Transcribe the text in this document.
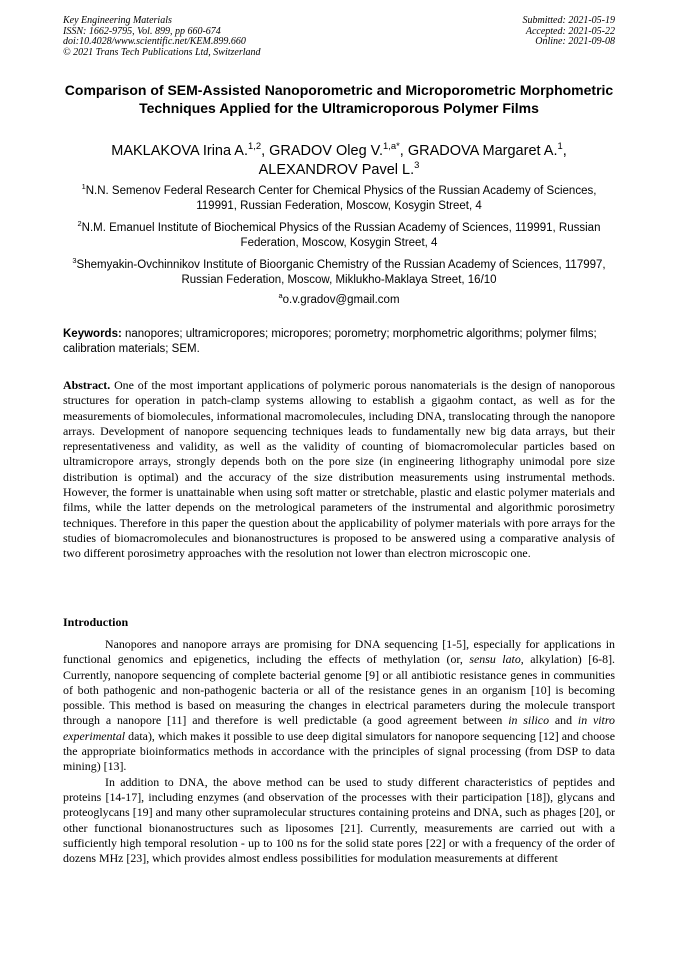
Key Engineering Materials
ISSN: 1662-9795, Vol. 899, pp 660-674
doi:10.4028/www.scientific.net/KEM.899.660
© 2021 Trans Tech Publications Ltd, Switzerland
Submitted: 2021-05-19
Accepted: 2021-05-22
Online: 2021-09-08
Comparison of SEM-Assisted Nanoporometric and Microporometric Morphometric Techniques Applied for the Ultramicroporous Polymer Films
MAKLAKOVA Irina A.$^{1,2}$, GRADOV Oleg V.$^{1,a*}$, GRADOVA Margaret A.$^1$, ALEXANDROV Pavel L.$^3$
$^1$N.N. Semenov Federal Research Center for Chemical Physics of the Russian Academy of Sciences, 119991, Russian Federation, Moscow, Kosygin Street, 4
$^2$N.M. Emanuel Institute of Biochemical Physics of the Russian Academy of Sciences, 119991, Russian Federation, Moscow, Kosygin Street, 4
$^3$Shemyakin-Ovchinnikov Institute of Bioorganic Chemistry of the Russian Academy of Sciences, 117997, Russian Federation, Moscow, Miklukho-Maklaya Street, 16/10
$^a$o.v.gradov@gmail.com
Keywords: nanopores; ultramicropores; micropores; porometry; morphometric algorithms; polymer films; calibration materials; SEM.
Abstract. One of the most important applications of polymeric porous nanomaterials is the design of nanoporous structures for operation in patch-clamp systems allowing to establish a gigaohm contact, as well as for the measurements of biomolecules, informational macromolecules, including DNA, translocating through the nanopore arrays. Development of nanopore sequencing techniques leads to fundamentally new big data arrays, but their representativeness and validity, as well as the validity of counting of biomacromolecular particles based on ultramicropore arrays, strongly depends both on the pore size (in engineering lithography unimodal pore size distribution is optimal) and the accuracy of the size distribution measurements using instrumental methods. However, the former is unattainable when using soft matter or stretchable, plastic and elastic polymer materials and films, while the latter depends on the metrological parameters of the instrumental and algorithmic porosimetry techniques. Therefore in this paper the question about the applicability of polymer materials with pore arrays for the studies of biomacromolecules and bionanostructures is proposed to be answered using a comparative analysis of two different porosimetry approaches with the resolution not lower than electron microscopic one.
Introduction

Nanopores and nanopore arrays are promising for DNA sequencing [1-5], especially for applications in functional genomics and epigenetics, including the effects of methylation (or, sensu lato, alkylation) [6-8]. Currently, nanopore sequencing of complete bacterial genome [9] or all antibiotic resistance genes in communities of both pathogenic and non-pathogenic bacteria or all of the resistance genes in an organism [10] is becoming possible. This method is based on measuring the changes in electrical parameters during the molecule transport through a nanopore [11] and therefore is well predictable (a good agreement between in silico and in vitro experimental data), which makes it possible to use deep digital simulators for nanopore sequencing [12] and choose the appropriate bioinformatics methods in accordance with the principles of signal processing (from DSP to data mining) [13].

In addition to DNA, the above method can be used to study different characteristics of peptides and proteins [14-17], including enzymes (and observation of the processes with their participation [18]), glycans and proteoglycans [19] and many other supramolecular structures containing proteins and DNA, such as phages [20], or other functional bionanostructures such as liposomes [21]. Currently, measurements are carried out with a sufficiently high temporal resolution - up to 100 ns for the solid state pores [22] or with a frequency of the order of dozens MHz [23], which provides almost endless possibilities for modulation measurements at different
